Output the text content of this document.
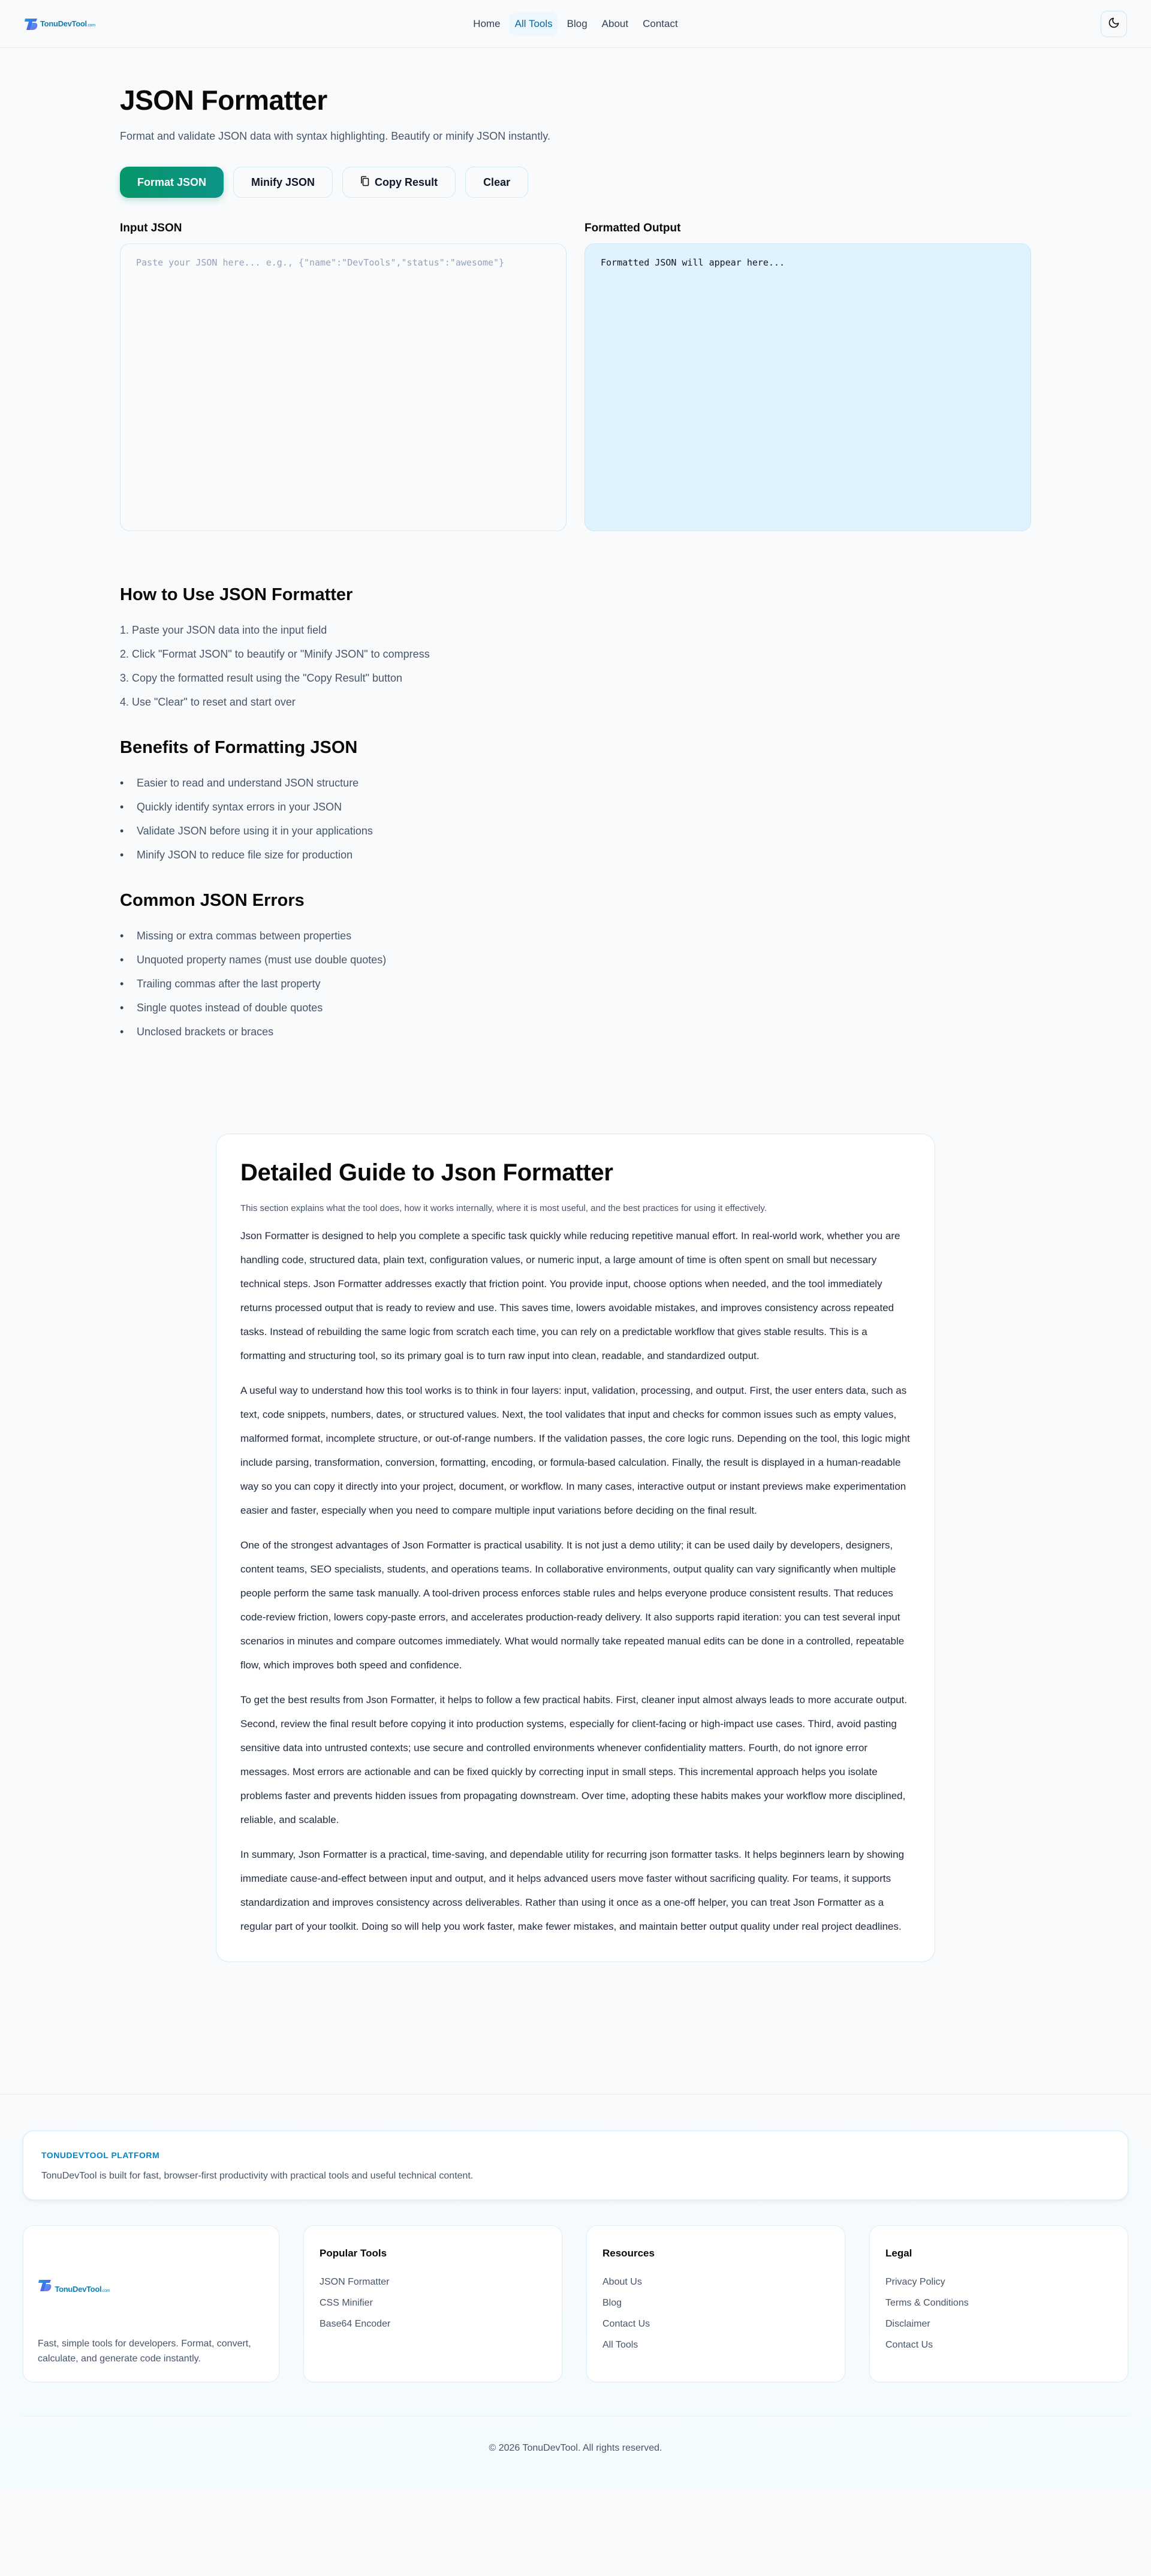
TonuDevTool.com	Home	All Tools	Blog	About	Contact
JSON Formatter

Format and validate JSON data with syntax highlighting. Beautify or minify JSON instantly.

Format JSON	Minify JSON	Copy Result	Clear
Input JSON
Paste your JSON here... e.g., {"name":"DevTools","status":"awesome"}
Formatted Output
Formatted JSON will appear here...
How to Use JSON Formatter
1. Paste your JSON data into the input field
2. Click "Format JSON" to beautify or "Minify JSON" to compress
3. Copy the formatted result using the "Copy Result" button
4. Use "Clear" to reset and start over
Benefits of Formatting JSON
• Easier to read and understand JSON structure
• Quickly identify syntax errors in your JSON
• Validate JSON before using it in your applications
• Minify JSON to reduce file size for production
Common JSON Errors
• Missing or extra commas between properties
• Unquoted property names (must use double quotes)
• Trailing commas after the last property
• Single quotes instead of double quotes
• Unclosed brackets or braces
Detailed Guide to Json Formatter

This section explains what the tool does, how it works internally, where it is most useful, and the best practices for using it effectively.

Json Formatter is designed to help you complete a specific task quickly while reducing repetitive manual effort. In real-world work, whether you are handling code, structured data, plain text, configuration values, or numeric input, a large amount of time is often spent on small but necessary technical steps. Json Formatter addresses exactly that friction point. You provide input, choose options when needed, and the tool immediately returns processed output that is ready to review and use. This saves time, lowers avoidable mistakes, and improves consistency across repeated tasks. Instead of rebuilding the same logic from scratch each time, you can rely on a predictable workflow that gives stable results. This is a formatting and structuring tool, so its primary goal is to turn raw input into clean, readable, and standardized output.

A useful way to understand how this tool works is to think in four layers: input, validation, processing, and output. First, the user enters data, such as text, code snippets, numbers, dates, or structured values. Next, the tool validates that input and checks for common issues such as empty values, malformed format, incomplete structure, or out-of-range numbers. If the validation passes, the core logic runs. Depending on the tool, this logic might include parsing, transformation, conversion, formatting, encoding, or formula-based calculation. Finally, the result is displayed in a human-readable way so you can copy it directly into your project, document, or workflow. In many cases, interactive output or instant previews make experimentation easier and faster, especially when you need to compare multiple input variations before deciding on the final result.

One of the strongest advantages of Json Formatter is practical usability. It is not just a demo utility; it can be used daily by developers, designers, content teams, SEO specialists, students, and operations teams. In collaborative environments, output quality can vary significantly when multiple people perform the same task manually. A tool-driven process enforces stable rules and helps everyone produce consistent results. That reduces code-review friction, lowers copy-paste errors, and accelerates production-ready delivery. It also supports rapid iteration: you can test several input scenarios in minutes and compare outcomes immediately. What would normally take repeated manual edits can be done in a controlled, repeatable flow, which improves both speed and confidence.

To get the best results from Json Formatter, it helps to follow a few practical habits. First, cleaner input almost always leads to more accurate output. Second, review the final result before copying it into production systems, especially for client-facing or high-impact use cases. Third, avoid pasting sensitive data into untrusted contexts; use secure and controlled environments whenever confidentiality matters. Fourth, do not ignore error messages. Most errors are actionable and can be fixed quickly by correcting input in small steps. This incremental approach helps you isolate problems faster and prevents hidden issues from propagating downstream. Over time, adopting these habits makes your workflow more disciplined, reliable, and scalable.

In summary, Json Formatter is a practical, time-saving, and dependable utility for recurring json formatter tasks. It helps beginners learn by showing immediate cause-and-effect between input and output, and it helps advanced users move faster without sacrificing quality. For teams, it supports standardization and improves consistency across deliverables. Rather than using it once as a one-off helper, you can treat Json Formatter as a regular part of your toolkit. Doing so will help you work faster, make fewer mistakes, and maintain better output quality under real project deadlines.

TONUDEVTOOL PLATFORM
TonuDevTool is built for fast, browser-first productivity with practical tools and useful technical content.
TonuDevTool.com

Fast, simple tools for developers. Format, convert, calculate, and generate code instantly.

Popular Tools
JSON Formatter
CSS Minifier
Base64 Encoder
Resources
About Us
Blog
Contact Us
All Tools
Legal
Privacy Policy
Terms & Conditions
Disclaimer
Contact Us
© 2026 TonuDevTool. All rights reserved.
